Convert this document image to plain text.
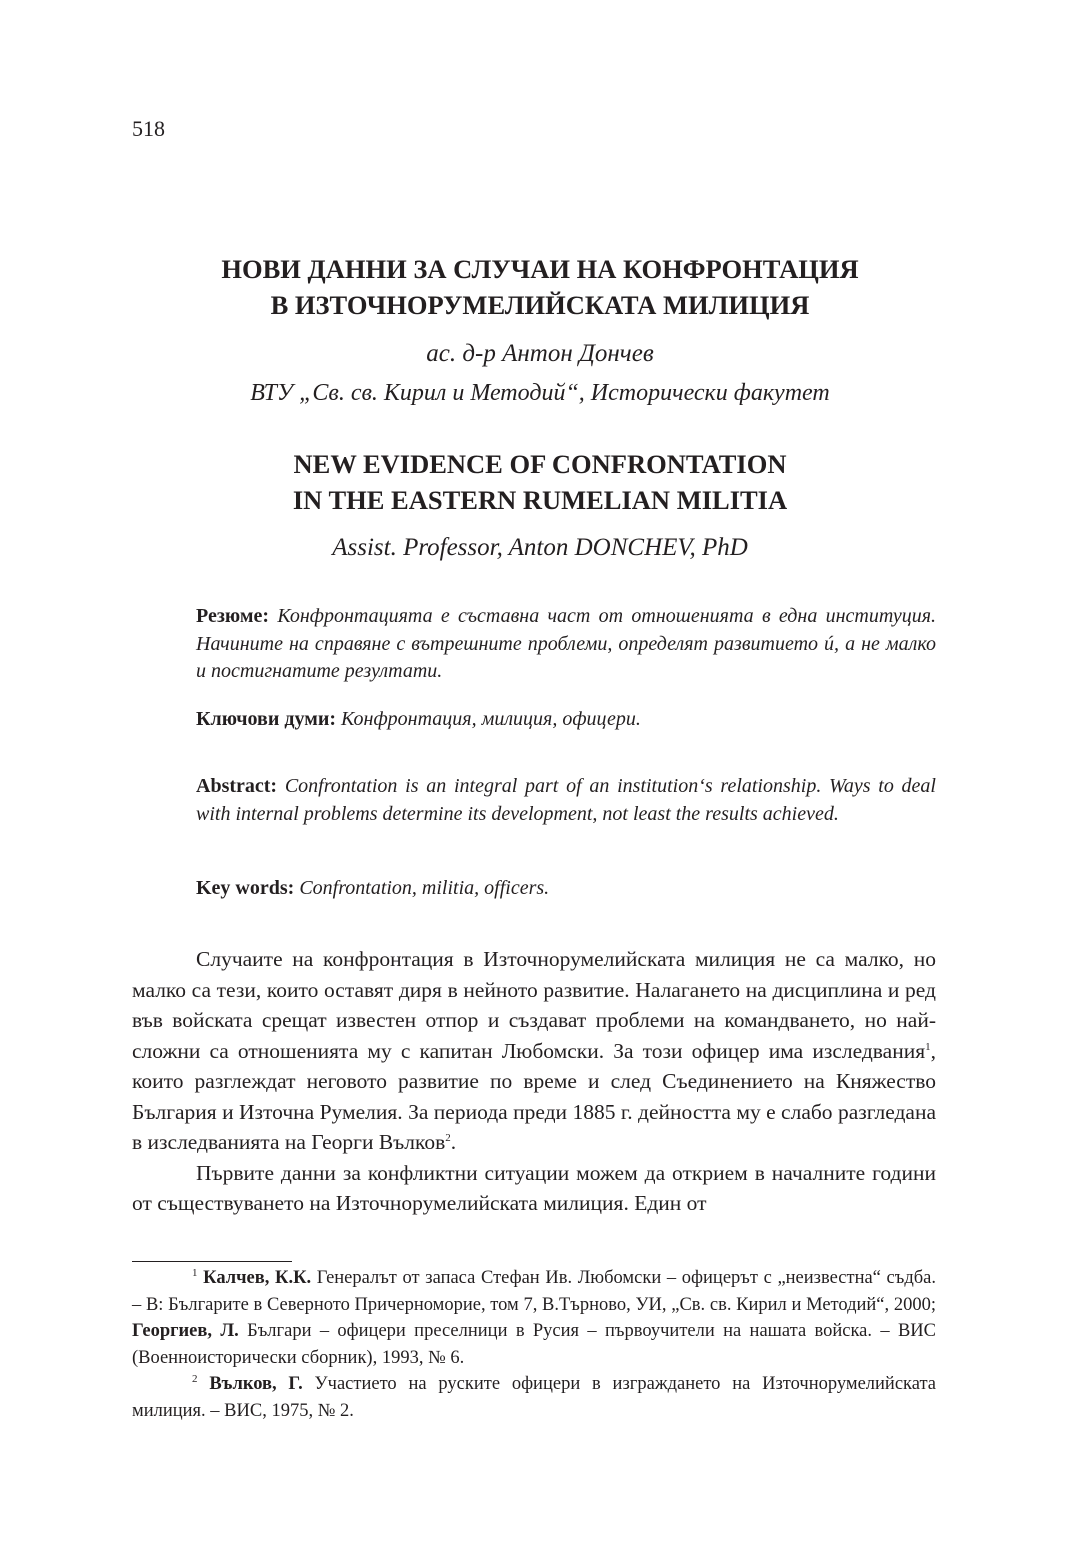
518
НОВИ ДАННИ ЗА СЛУЧАИ НА КОНФРОНТАЦИЯ
В ИЗТОЧНОРУМЕЛИЙСКАТА МИЛИЦИЯ
ас. д-р Антон Дончев
ВТУ „Св. св. Кирил и Методий“, Исторически факутет
NEW EVIDENCE OF CONFRONTATION
IN THE EASTERN RUMELIAN MILITIA
Assist. Professor, Anton DONCHEV, PhD
Резюме: Конфронтацията е съставна част от отношенията в една институция. Начините на справяне с вътрешните проблеми, определят развитието ú, а не малко и постигнатите резултати.
Ключови думи: Конфронтация, милиция, офицери.
Abstract: Confrontation is an integral part of an institution‘s relationship. Ways to deal with internal problems determine its development, not least the results achieved.
Key words: Confrontation, militia, officers.

Случаите на конфронтация в Източнорумелийската милиция не са малко, но малко са тези, които оставят диря в нейното развитие. Налагането на дисциплина и ред във войската срещат известен отпор и създават проблеми на командването, но най-сложни са отношенията му с капитан Любомски. За този офицер има изследвания$^1$, които разглеждат неговото развитие по време и след Съединението на Княжество България и Източна Румелия. За периода преди 1885 г. дейността му е слабо разгледана в изследванията на Георги Вълков$^2$.

Първите данни за конфликтни ситуации можем да открием в началните години от съществуването на Източнорумелийската милиция. Един от

$^1$ Калчев, К.К. Генералът от запаса Стефан Ив. Любомски – офицерът с „неизвестна“ съдба. – В: Българите в Северното Причерноморие, том 7, В.Търново, УИ, „Св. св. Кирил и Методий“, 2000; Георгиев, Л. Българи – офицери преселници в Русия – първоучители на нашата войска. – ВИС (Военноисторически сборник), 1993, № 6.

$^2$ Вълков, Г. Участието на руските офицери в изграждането на Източнорумелийската милиция. – ВИС, 1975, № 2.
